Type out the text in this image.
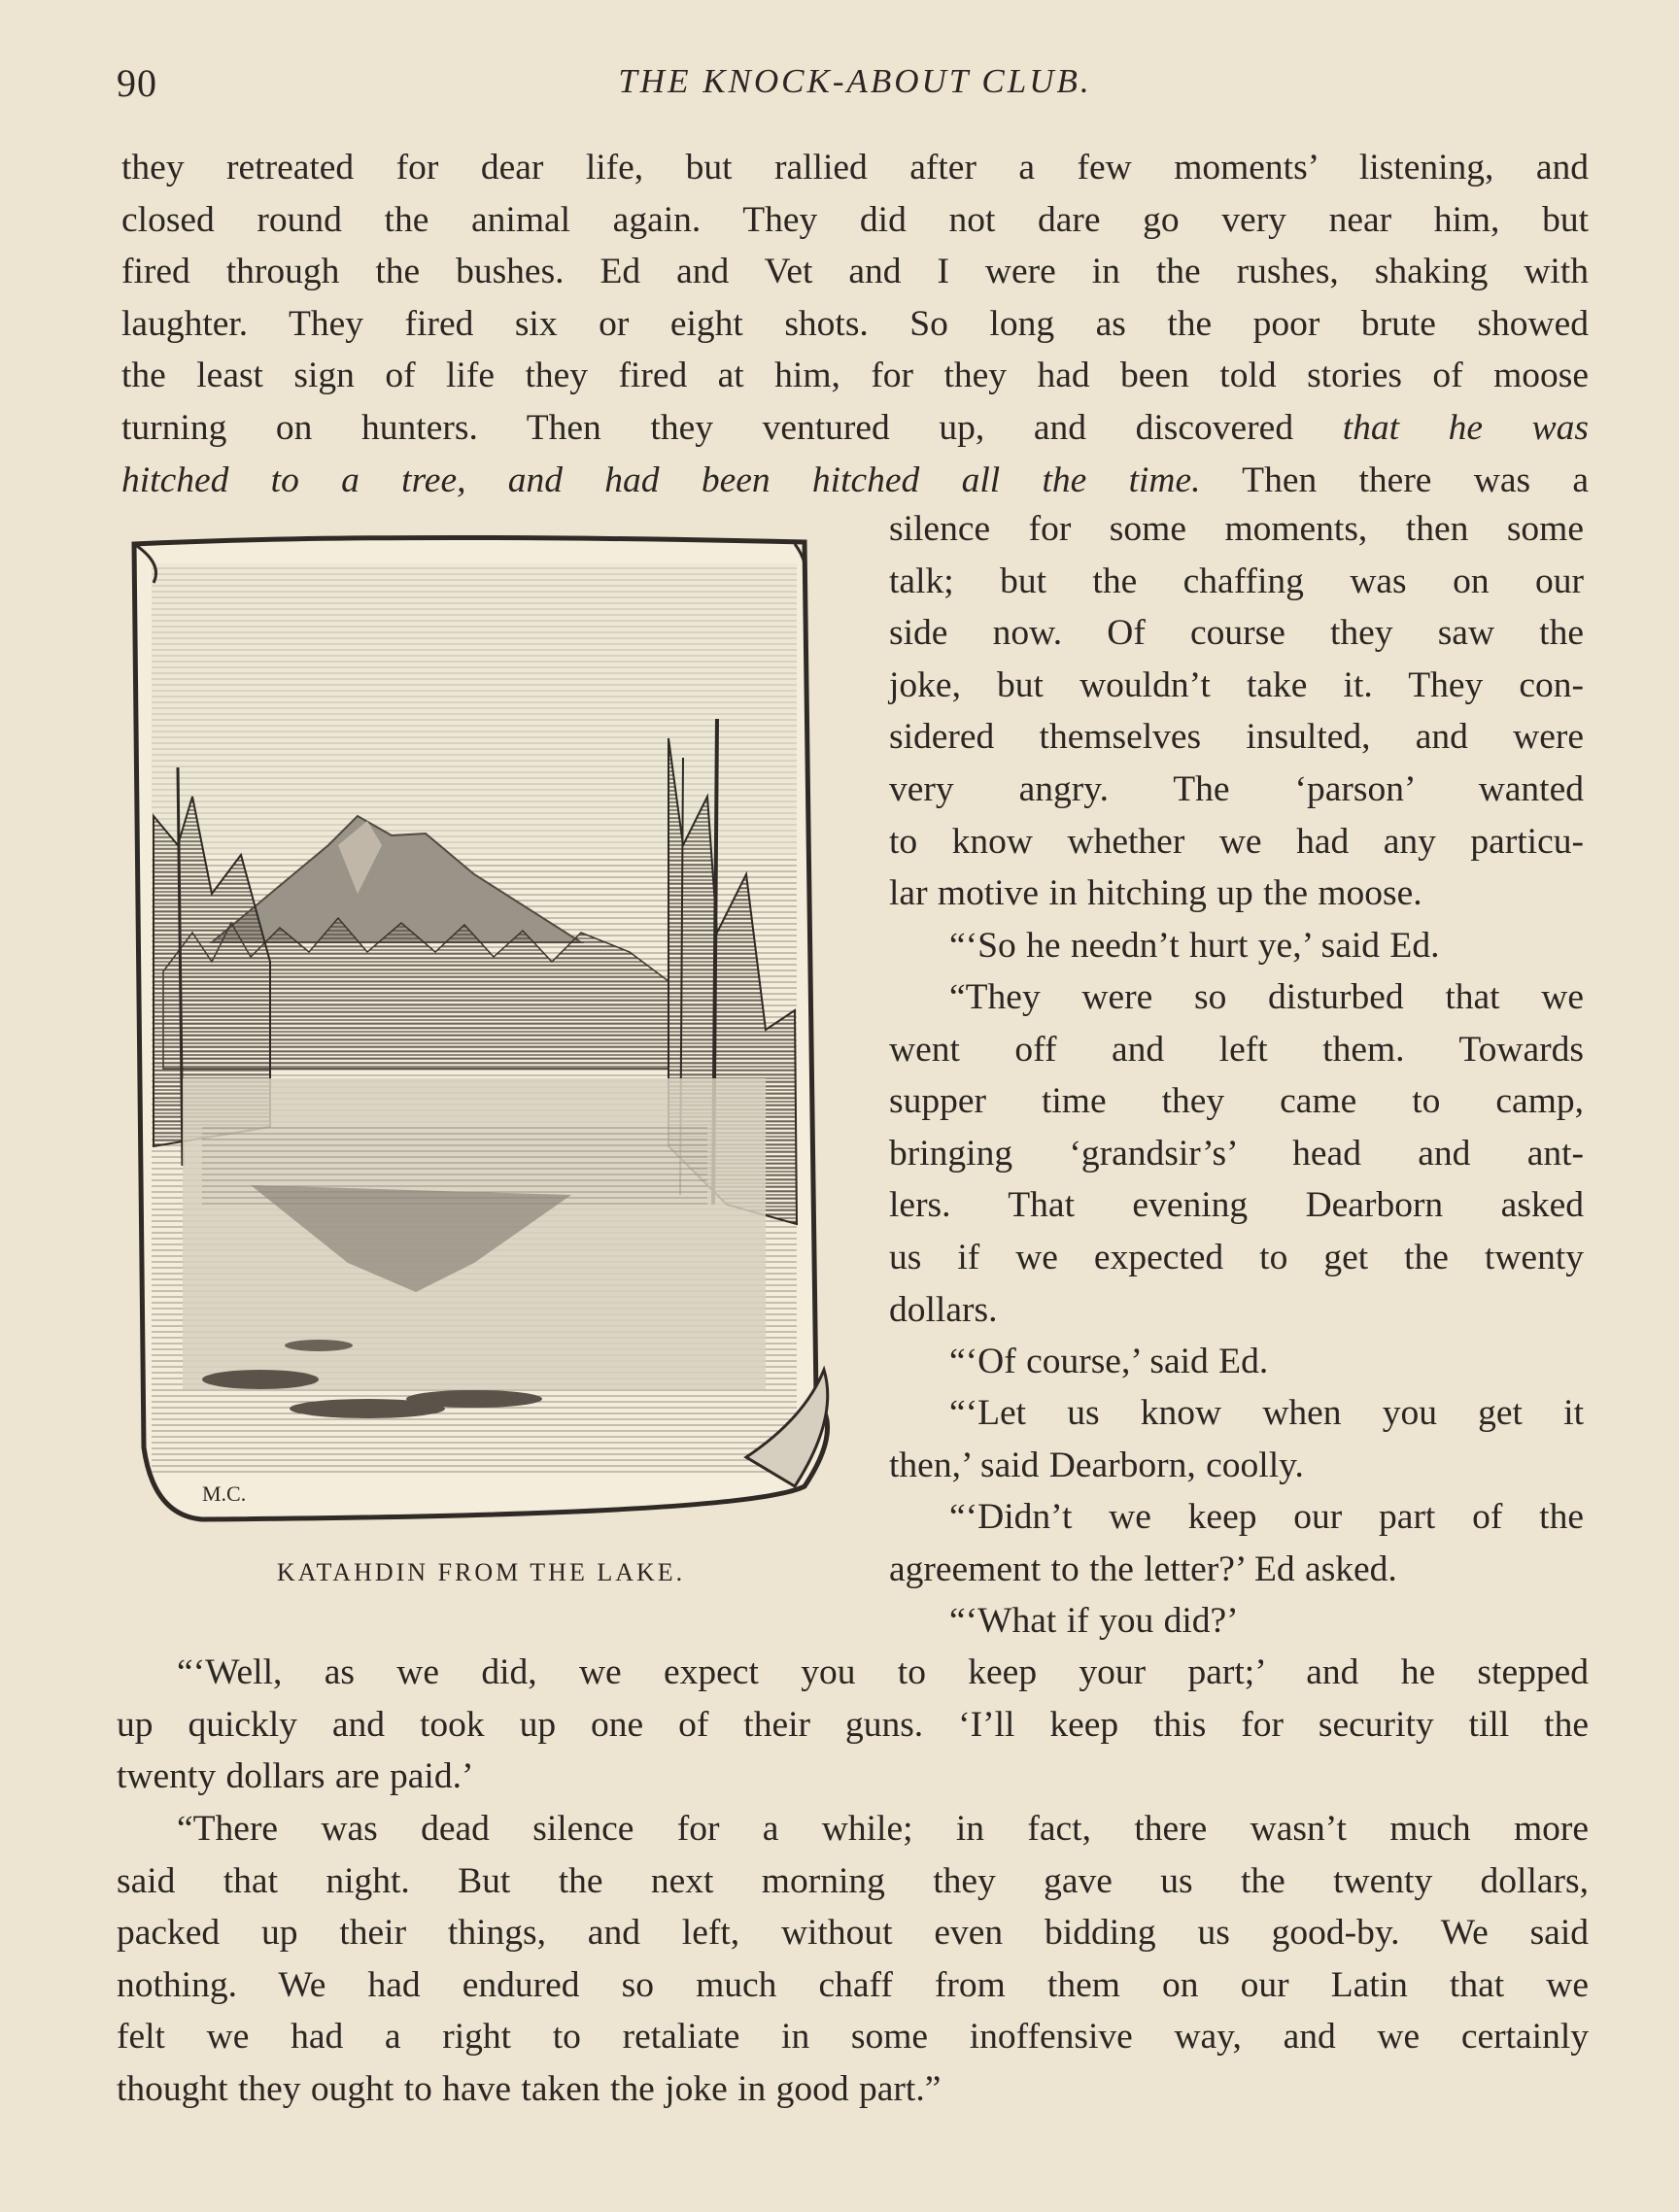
90	THE KNOCK-ABOUT CLUB.
they retreated for dear life, but rallied after a few moments’ listening, and
closed round the animal again. They did not dare go very near him, but
fired through the bushes. Ed and Vet and I were in the rushes, shaking with
laughter. They fired six or eight shots. So long as the poor brute showed
the least sign of life they fired at him, for they had been told stories of moose
turning on hunters. Then they ventured up, and discovered that he was
hitched to a tree, and had been hitched all the time. Then there was a
M.C.
KATAHDIN FROM THE LAKE.
silence for some moments, then some
talk; but the chaffing was on our
side now. Of course they saw the
joke, but wouldn’t take it. They con-
sidered themselves insulted, and were
very angry. The ‘parson’ wanted
to know whether we had any particu-
lar motive in hitching up the moose.
“‘So he needn’t hurt ye,’ said Ed.
“They were so disturbed that we
went off and left them. Towards
supper time they came to camp,
bringing ‘grandsir’s’ head and ant-
lers. That evening Dearborn asked
us if we expected to get the twenty
dollars.
“‘Of course,’ said Ed.
“‘Let us know when you get it
then,’ said Dearborn, coolly.
“‘Didn’t we keep our part of the
agreement to the letter?’ Ed asked.
“‘What if you did?’
“‘Well, as we did, we expect you to keep your part;’ and he stepped
up quickly and took up one of their guns. ‘I’ll keep this for security till the
twenty dollars are paid.’
“There was dead silence for a while; in fact, there wasn’t much more
said that night. But the next morning they gave us the twenty dollars,
packed up their things, and left, without even bidding us good-by. We said
nothing. We had endured so much chaff from them on our Latin that we
felt we had a right to retaliate in some inoffensive way, and we certainly
thought they ought to have taken the joke in good part.”
